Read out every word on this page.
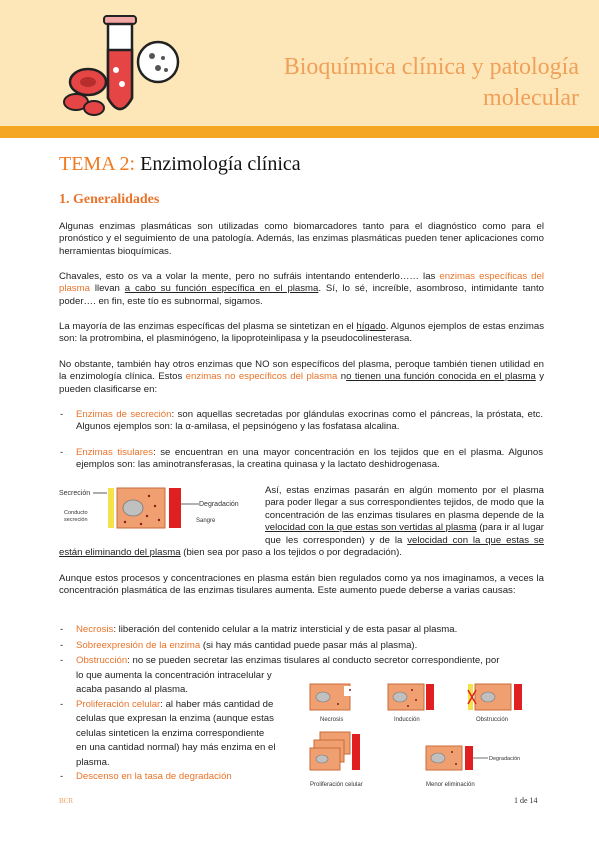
Bioquímica clínica y patología
molecular
TEMA 2: Enzimología clínica
1. Generalidades
Algunas enzimas plasmáticas son utilizadas como biomarcadores tanto para el diagnóstico como para el pronóstico y el seguimiento de una patología. Además, las enzimas plasmáticas pueden tener aplicaciones como herramientas bioquímicas.
Chavales, esto os va a volar la mente, pero no sufráis intentando entenderlo…… las enzimas específicas del plasma llevan a cabo su función específica en el plasma. Sí, lo sé, increíble, asombroso, intimidante tanto poder…. en fin, este tío es subnormal, sigamos.
La mayoría de las enzimas específicas del plasma se sintetizan en el hígado. Algunos ejemplos de estas enzimas son: la protrombina, el plasminógeno, la lipoproteinlipasa y la pseudocolinesterasa.
No obstante, también hay otros enzimas que NO son específicos del plasma, peroque también tienen utilidad en la enzimología clínica. Estos enzimas no específicos del plasma no tienen una función conocida en el plasma y pueden clasificarse en:
- Enzimas de secreción: son aquellas secretadas por glándulas exocrinas como el páncreas, la próstata, etc. Algunos ejemplos son: la α-amilasa, el pepsinógeno y las fosfatasa alcalina.
- Enzimas tisulares: se encuentran en una mayor concentración en los tejidos que en el plasma. Algunos ejemplos son: las aminotransferasas, la creatina quinasa y la lactato deshidrogenasa.
Secreción
Conducto
secreción
Degradación
Sangre
Así, estas enzimas pasarán en algún momento por el plasma para poder llegar a sus correspondientes tejidos, de modo que la concentración de las enzimas tisulares en plasma depende de la velocidad con la que estas son vertidas al plasma (para ir al lugar que les corresponden) y de la velocidad con la que estas se están eliminando del plasma (bien sea por paso a los tejidos o por degradación).
Aunque estos procesos y concentraciones en plasma están bien regulados como ya nos imaginamos, a veces la concentración plasmática de las enzimas tisulares aumenta. Este aumento puede deberse a varias causas:
- Necrosis: liberación del contenido celular a la matriz intersticial y de esta pasar al plasma.
- Sobreexpresión de la enzima (si hay más cantidad puede pasar más al plasma).
- Obstrucción: no se pueden secretar las enzimas tisulares al conducto secretor correspondiente, por
lo que aumenta la concentración intracelular y
acaba pasando al plasma.
- Proliferación celular: al haber más cantidad de
celulas que expresan la enzima (aunque estas
celulas sinteticen la enzima correspondiente
en una cantidad normal) hay más enzima en el
plasma.
- Descenso en la tasa de degradación
Necrosis	Inducción	Obstrucción
Proliferación celular
Degradación
Menor eliminación
BCR	1 de 14
